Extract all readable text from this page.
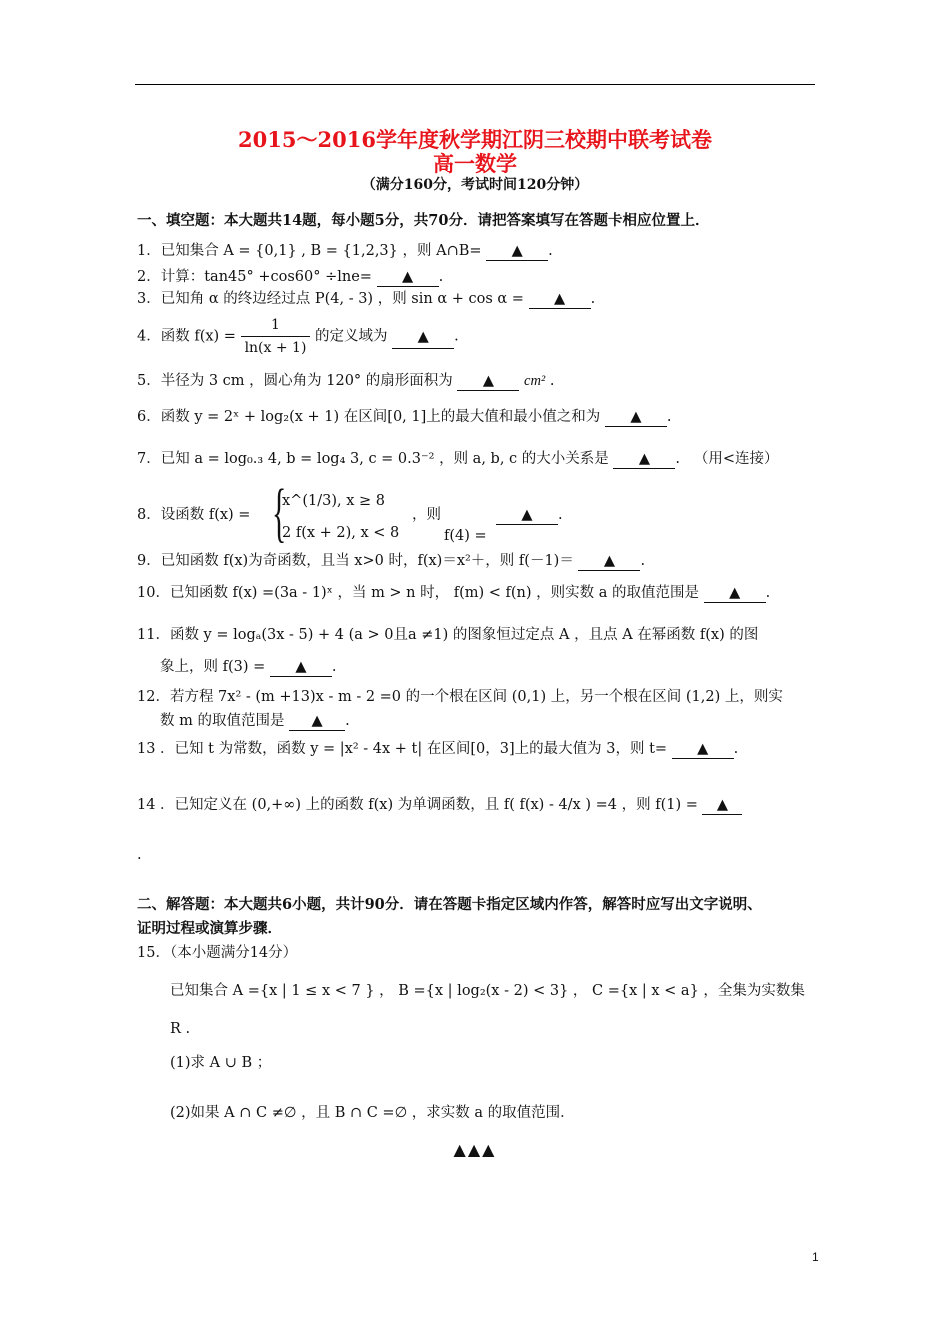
2015～2016学年度秋学期江阴三校期中联考试卷
高一数学
（满分160分，考试时间120分钟）
一、填空题：本大题共14题，每小题5分，共70分．请把答案填写在答题卡相应位置上．
1．已知集合 A = {0,1} , B = {1,2,3} ，则 A∩B= ▲ .
2．计算：tan45° +cos60° ÷lne= ▲ .
3．已知角 α 的终边经过点 P(4, - 3) ，则 sin α + cos α = ▲ .
4．函数 $f(x) = \frac{1}{\ln(x + 1)}$ 的定义域为 ▲ .
5．半径为 3 cm ，圆心角为 120° 的扇形面积为 ▲ cm² .
6．函数 y = 2ˣ + log₂(x + 1) 在区间[0, 1]上的最大值和最小值之和为 ▲ .
7．已知 a = log₀.₃ 4, b = log₄ 3, c = 0.3⁻² ，则 a, b, c 的大小关系是 ▲ .   （用<连接）
{
8．设函数 f(x) =
x^(1/3), x ≥ 8
2 f(x + 2), x < 8
，则
f(4) =
▲ .
9．已知函数 f(x)为奇函数，且当 x>0 时，f(x)＝x²＋，则 f(－1)＝ ▲ .
10．已知函数 f(x) =(3a - 1)ˣ ，当 m > n 时， f(m) < f(n) ，则实数 a 的取值范围是 ▲ .
11．函数 y = logₐ(3x - 5) + 4 (a > 0且a ≠1) 的图象恒过定点 A ，且点 A 在幂函数 f(x) 的图
象上，则 f(3) = ▲ .
12．若方程 7x² - (m +13)x - m - 2 =0 的一个根在区间 (0,1) 上，另一个根在区间 (1,2) 上，则实
数 m 的取值范围是 ▲ .
13 ．已知 t 为常数，函数 y = |x² - 4x + t| 在区间[0，3]上的最大值为 3，则 t= ▲ .
14 ．已知定义在 (0,+∞) 上的函数 f(x) 为单调函数，且 f( f(x) - 4/x ) =4 ，则 f(1) = ▲
.
二、解答题：本大题共6小题，共计90分．请在答题卡指定区域内作答，解答时应写出文字说明、
证明过程或演算步骤．
15．（本小题满分14分）
已知集合 A ={x | 1 ≤ x < 7 } ， B ={x | log₂(x - 2) < 3} ， C ={x | x < a} ，全集为实数集
R .
(1)求 A ∪ B ；
(2)如果 A ∩ C ≠∅ ，且 B ∩ C =∅ ，求实数 a 的取值范围．
▲▲▲
1
